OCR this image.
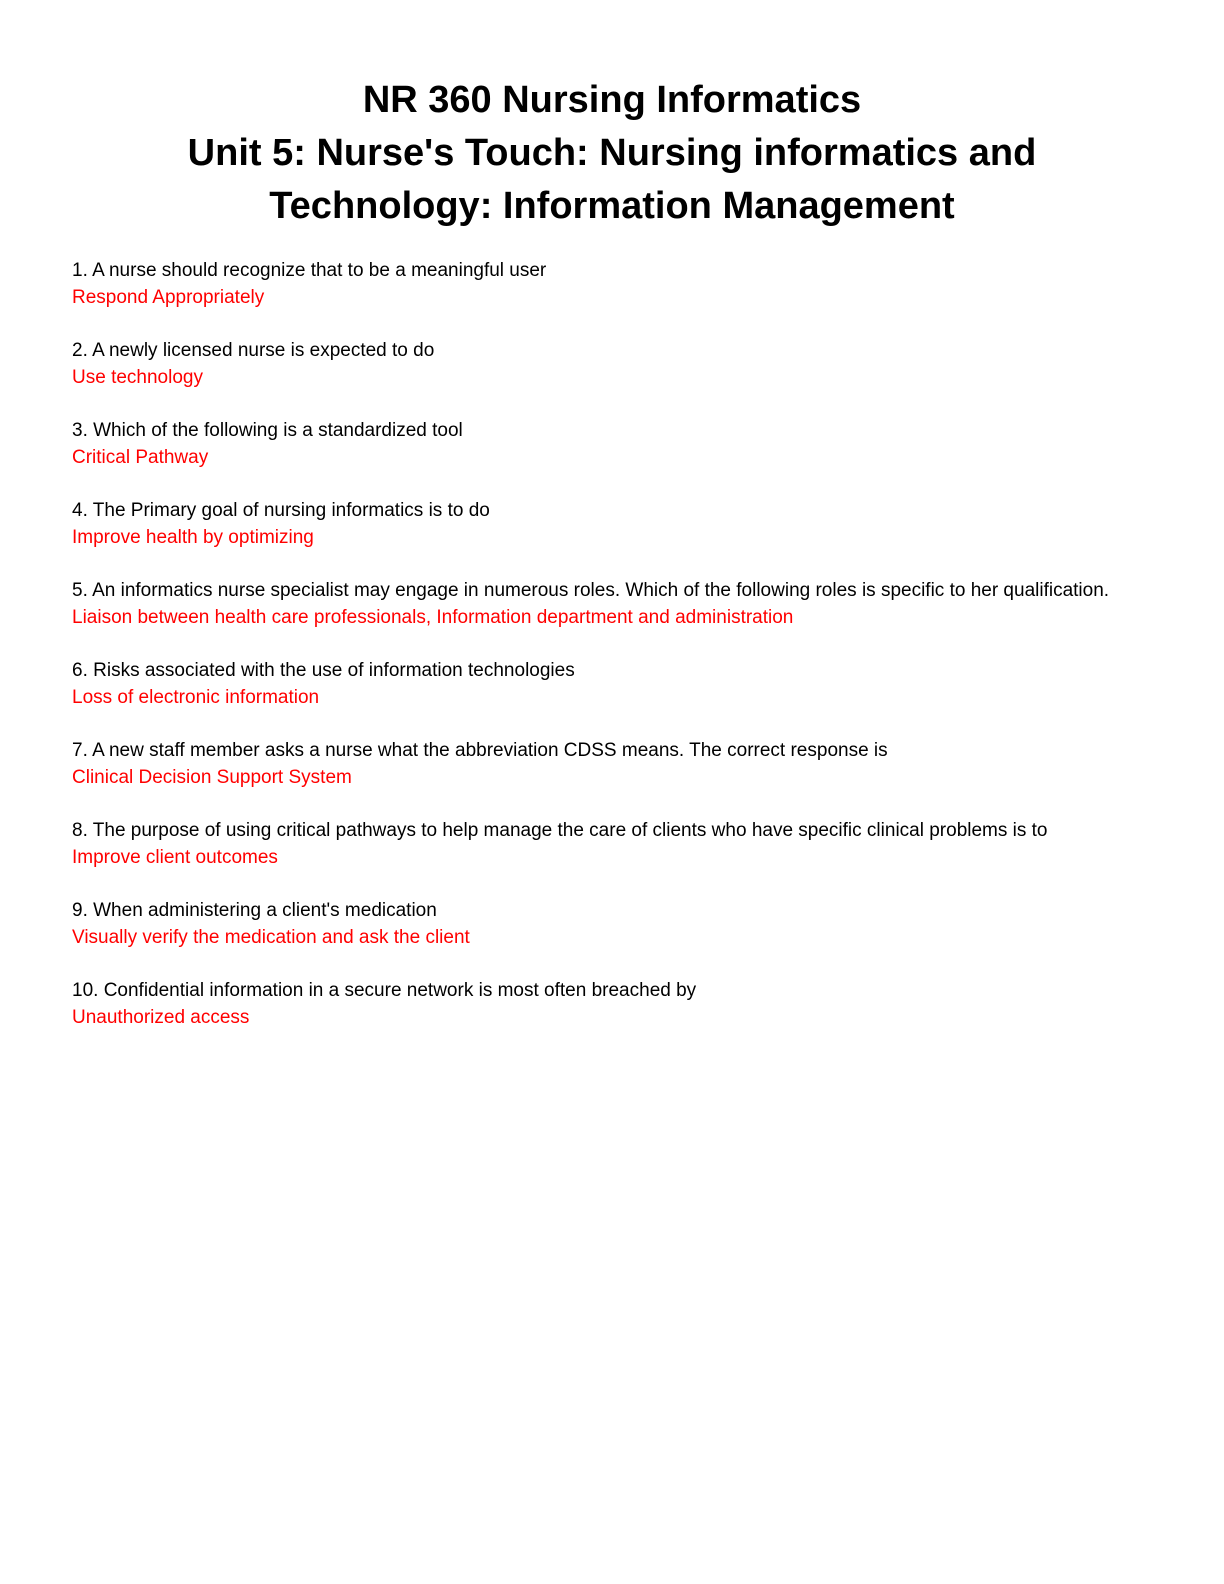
NR 360 Nursing Informatics
Unit 5: Nurse's Touch: Nursing informatics and
Technology: Information Management
1. A nurse should recognize that to be a meaningful user
Respond Appropriately
2. A newly licensed nurse is expected to do
Use technology
3. Which of the following is a standardized tool
Critical Pathway
4. The Primary goal of nursing informatics is to do
Improve health by optimizing
5. An informatics nurse specialist may engage in numerous roles. Which of the following roles is specific to her qualification.
Liaison between health care professionals, Information department and administration
6. Risks associated with the use of information technologies
Loss of electronic information
7. A new staff member asks a nurse what the abbreviation CDSS means. The correct response is
Clinical Decision Support System
8. The purpose of using critical pathways to help manage the care of clients who have specific clinical problems is to
Improve client outcomes
9. When administering a client's medication
Visually verify the medication and ask the client
10. Confidential information in a secure network is most often breached by
Unauthorized access
